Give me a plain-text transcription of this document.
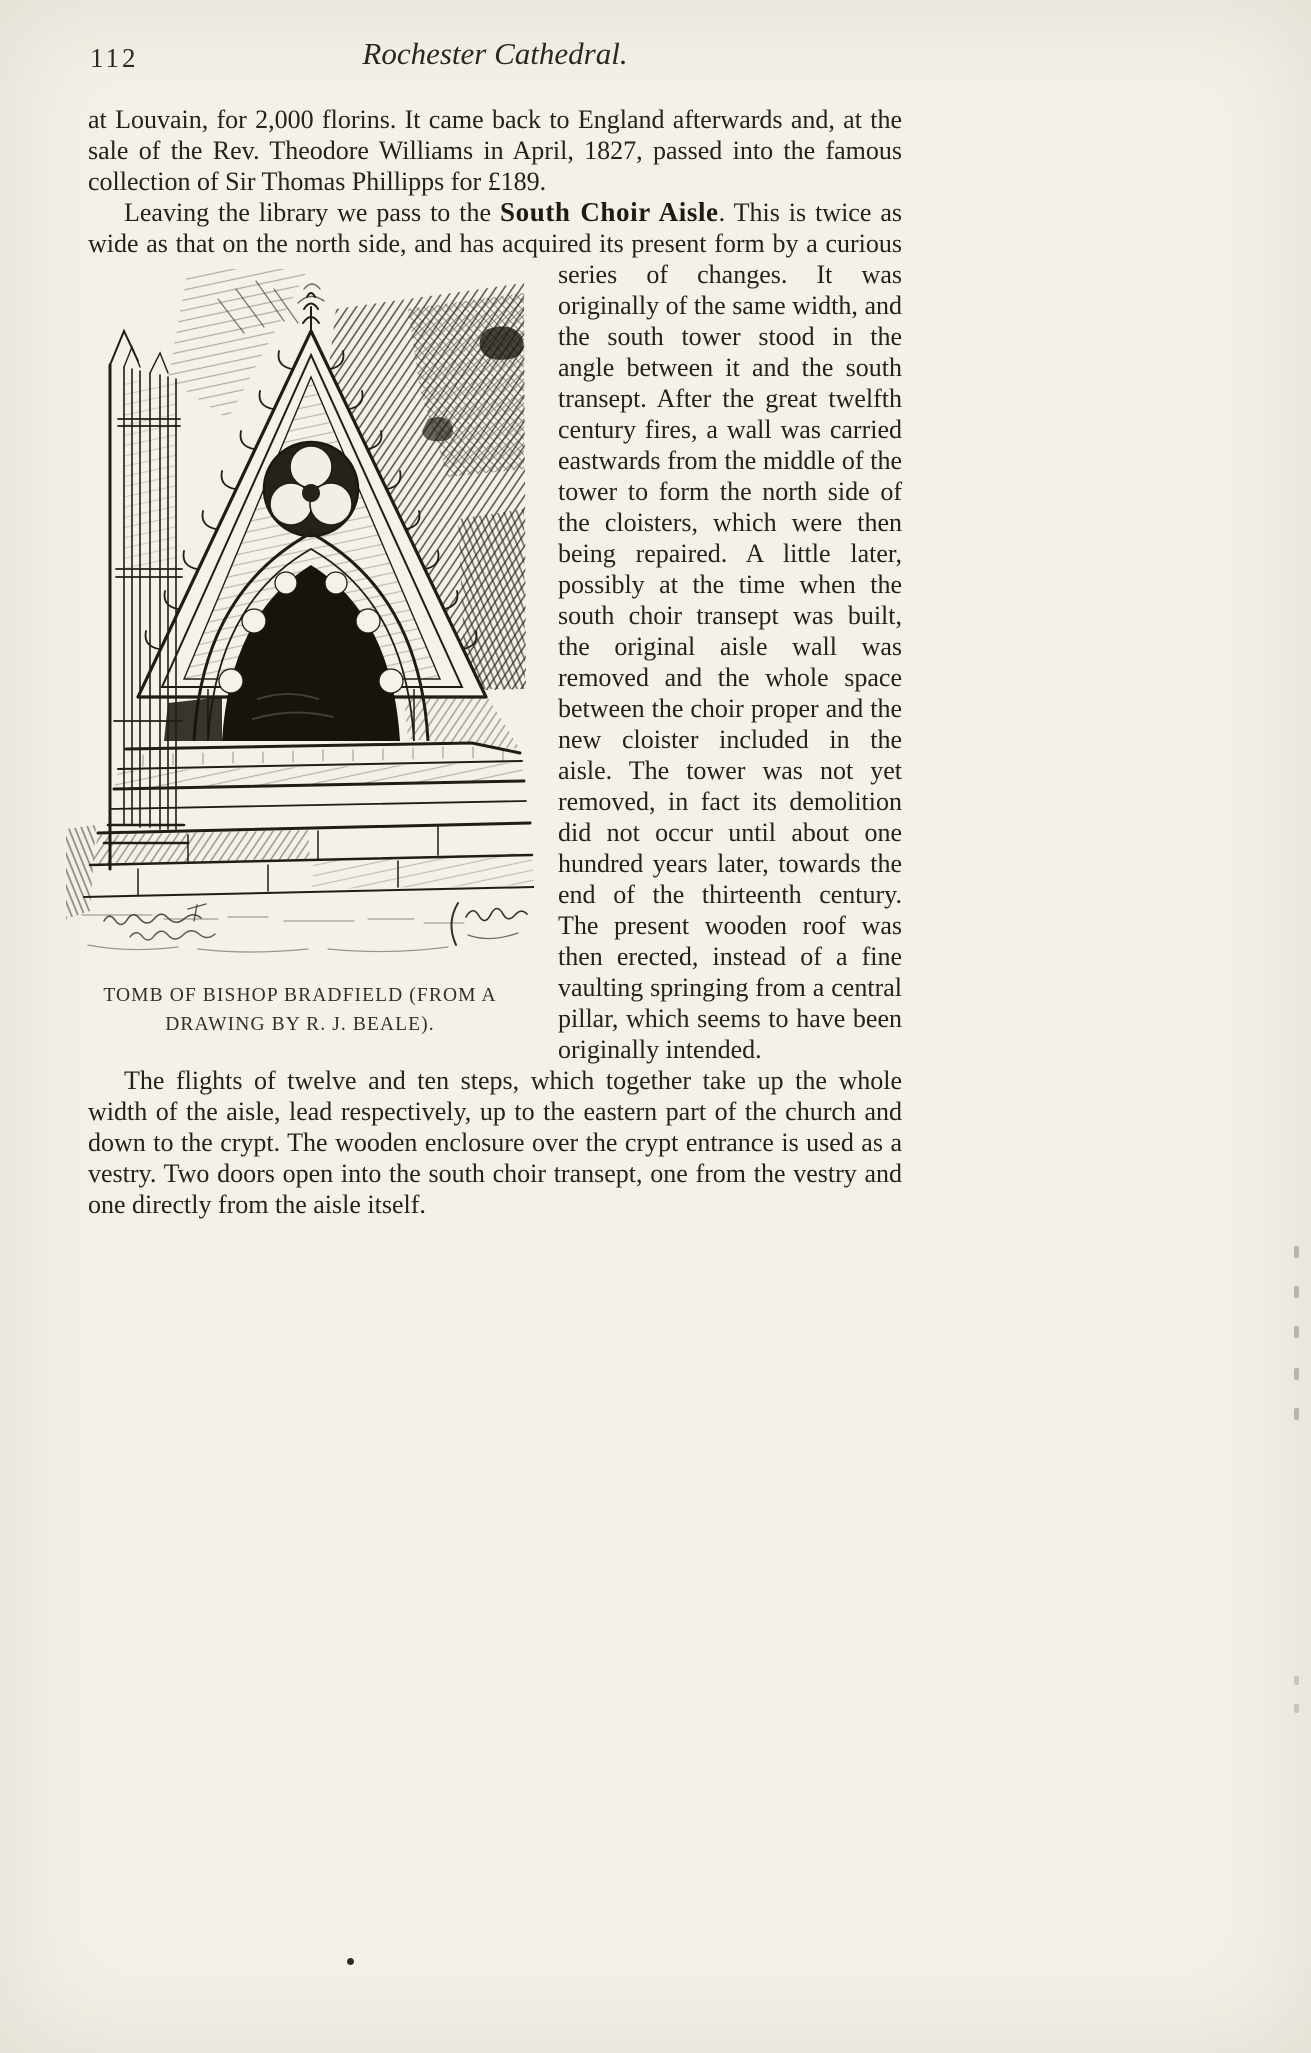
112	Rochester Cathedral.
at Louvain, for 2,000 florins. It came back to England afterwards and, at the sale of the Rev. Theodore Williams in April, 1827, passed into the famous collection of Sir Thomas Phillipps for £189.
Leaving the library we pass to the South Choir Aisle. This is twice as wide as that on the north side, and has acquired its present form by a curious series of changes. It was
TOMB OF BISHOP BRADFIELD (FROM A
DRAWING BY R. J. BEALE).
originally of the same width, and the south tower stood in the angle between it and the south transept. After the great twelfth century fires, a wall was carried eastwards from the middle of the tower to form the north side of the cloisters, which were then being repaired. A little later, possibly at the time when the south choir transept was built, the original aisle wall was removed and the whole space between the choir proper and the new cloister included in the aisle. The tower was not yet removed, in fact its demolition did not occur until about one hundred years later, towards the end of the thirteenth century. The present wooden roof was then erected, instead of a fine vaulting springing from a central pillar, which seems to have been originally intended.
The flights of twelve and ten steps, which together take up the whole width of the aisle, lead respectively, up to the eastern part of the church and down to the crypt. The wooden enclosure over the crypt entrance is used as a vestry. Two doors open into the south choir transept, one from the vestry and one directly from the aisle itself.
